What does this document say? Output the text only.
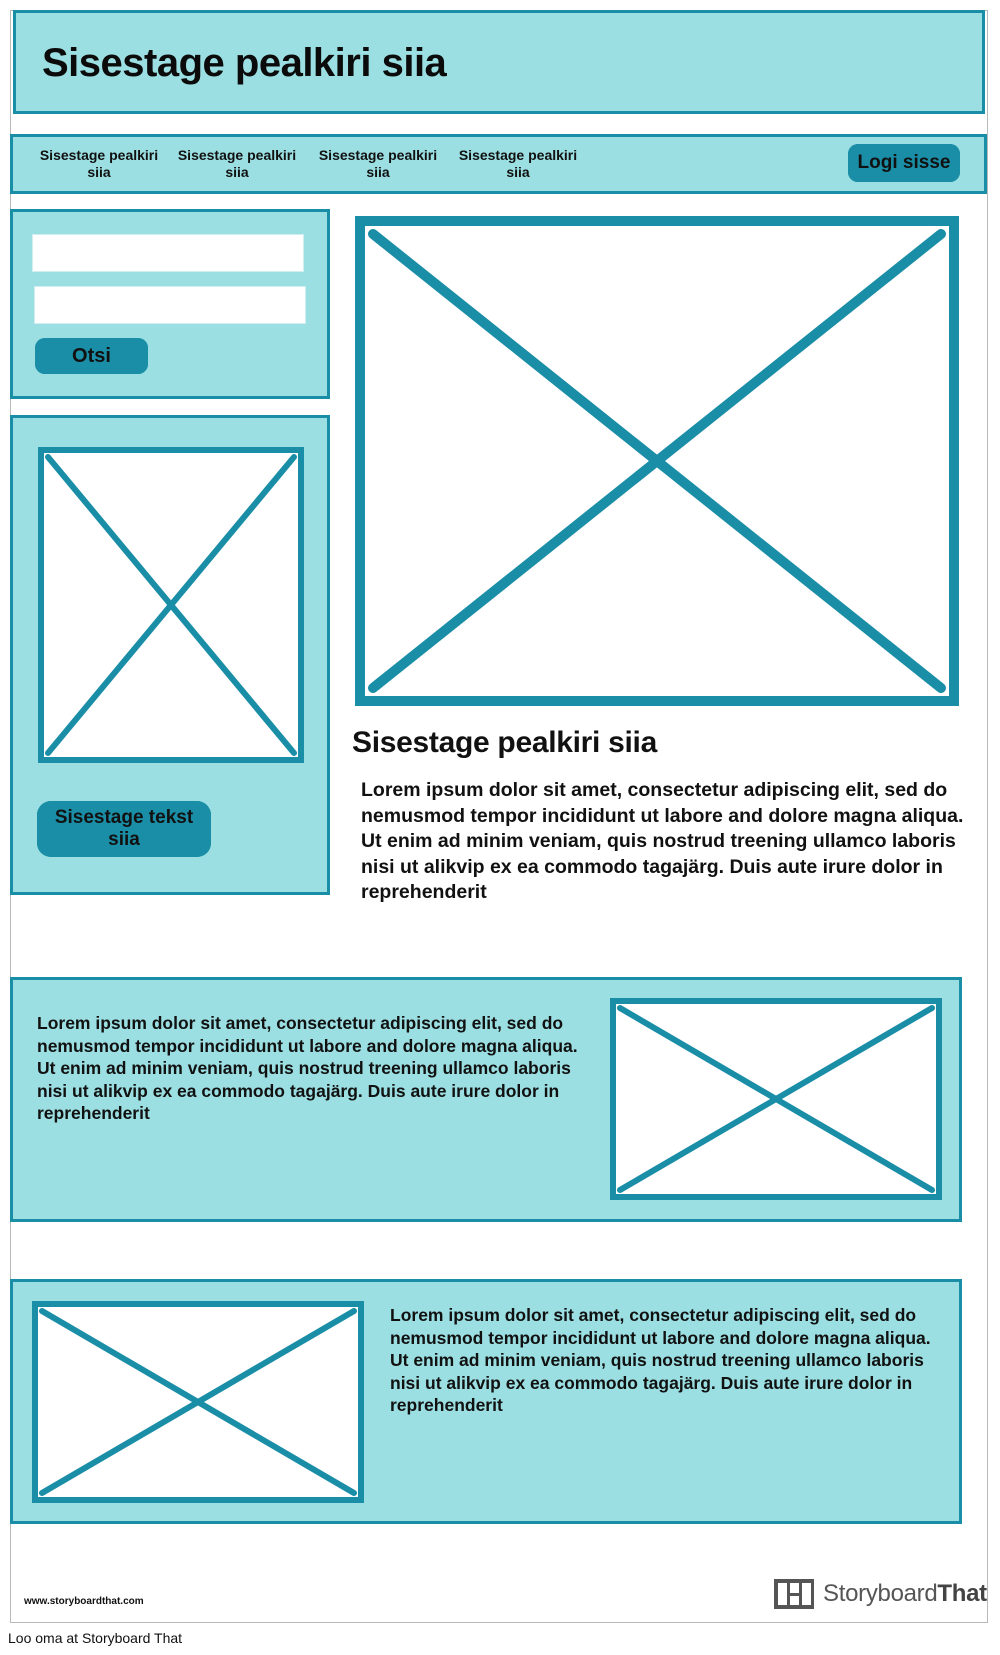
Sisestage pealkiri siia
Sisestage pealkiri siia
Sisestage pealkiri siia
Sisestage pealkiri siia
Sisestage pealkiri siia	Logi sisse
Otsi
Sisestage tekst siia
Sisestage pealkiri siia

Lorem ipsum dolor sit amet, consectetur adipiscing elit, sed do nemusmod tempor incididunt ut labore and dolore magna aliqua. Ut enim ad minim veniam, quis nostrud treening ullamco laboris nisi ut alikvip ex ea commodo tagajärg. Duis aute irure dolor in reprehenderit

Lorem ipsum dolor sit amet, consectetur adipiscing elit, sed do nemusmod tempor incididunt ut labore and dolore magna aliqua. Ut enim ad minim veniam, quis nostrud treening ullamco laboris nisi ut alikvip ex ea commodo tagajärg. Duis aute irure dolor in reprehenderit

Lorem ipsum dolor sit amet, consectetur adipiscing elit, sed do nemusmod tempor incididunt ut labore and dolore magna aliqua. Ut enim ad minim veniam, quis nostrud treening ullamco laboris nisi ut alikvip ex ea commodo tagajärg. Duis aute irure dolor in reprehenderit

www.storyboardthat.com	StoryboardThat
Loo oma at Storyboard That
